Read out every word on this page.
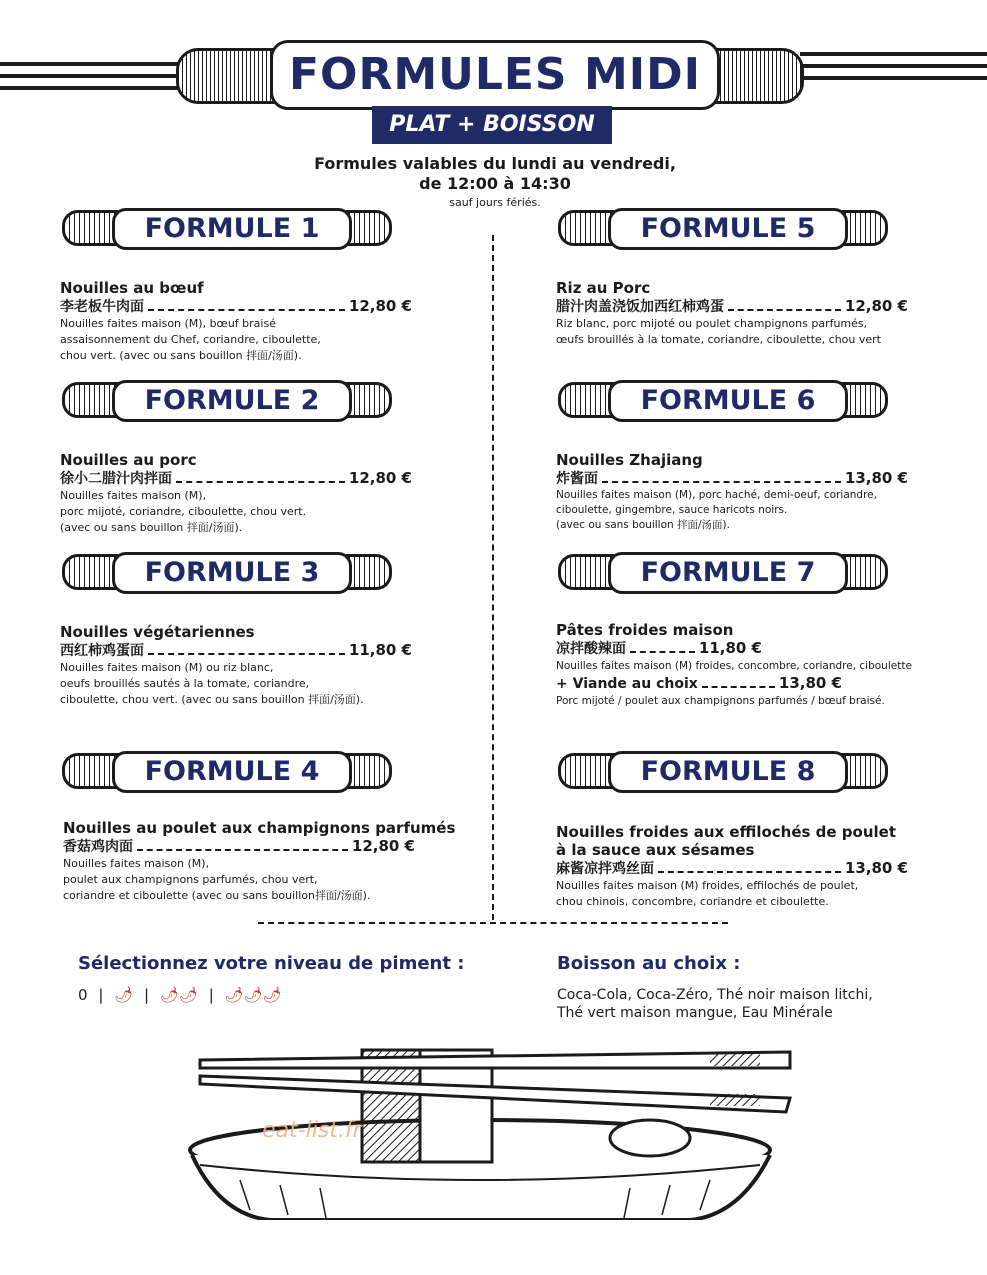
FORMULES MIDI
PLAT + BOISSON
Formules valables du lundi au vendredi,
de 12:00 à 14:30
sauf jours fériés.
FORMULE 1
Nouilles au bœuf
李老板牛肉面	12,80 €
Nouilles faites maison (M), bœuf braisé
assaisonnement du Chef, coriandre, ciboulette,
chou vert. (avec ou sans bouillon 拌面/汤面).
FORMULE 2
Nouilles au porc
徐小二腊汁肉拌面	12,80 €
Nouilles faites maison (M),
porc mijoté, coriandre, ciboulette, chou vert.
(avec ou sans bouillon 拌面/汤面).
FORMULE 3
Nouilles végétariennes
西红柿鸡蛋面	11,80 €
Nouilles faites maison (M) ou riz blanc,
oeufs brouillés sautés à la tomate, coriandre,
ciboulette, chou vert. (avec ou sans bouillon 拌面/汤面).
FORMULE 4
Nouilles au poulet aux champignons parfumés
香菇鸡肉面	12,80 €
Nouilles faites maison (M),
poulet aux champignons parfumés, chou vert,
coriandre et ciboulette (avec ou sans bouillon拌面/汤面).
FORMULE 5
Riz au Porc
腊汁肉盖浇饭加西红柿鸡蛋	12,80 €
Riz blanc, porc mijoté ou poulet champignons parfumés,
œufs brouillés à la tomate, coriandre, ciboulette, chou vert
FORMULE 6
Nouilles Zhajiang
炸酱面	13,80 €
Nouilles faites maison (M), porc haché, demi-oeuf, coriandre,
ciboulette, gingembre, sauce haricots noirs.
(avec ou sans bouillon 拌面/汤面).
FORMULE 7
Pâtes froides maison
凉拌酸辣面	11,80 €
Nouilles faites maison (M) froides, concombre, coriandre, ciboulette
+ Viande au choix	13,80 €
Porc mijoté / poulet aux champignons parfumés / bœuf braisé.
FORMULE 8
Nouilles froides aux effilochés de poulet
à la sauce aux sésames
麻酱凉拌鸡丝面	13,80 €
Nouilles faites maison (M) froides, effilochés de poulet,
chou chinois, concombre, coriandre et ciboulette.
Sélectionnez votre niveau de piment :
0 | 🌶 | 🌶🌶 | 🌶🌶🌶
Boisson au choix :
Coca-Cola, Coca-Zéro, Thé noir maison litchi,
Thé vert maison mangue, Eau Minérale
eat-list.fr
